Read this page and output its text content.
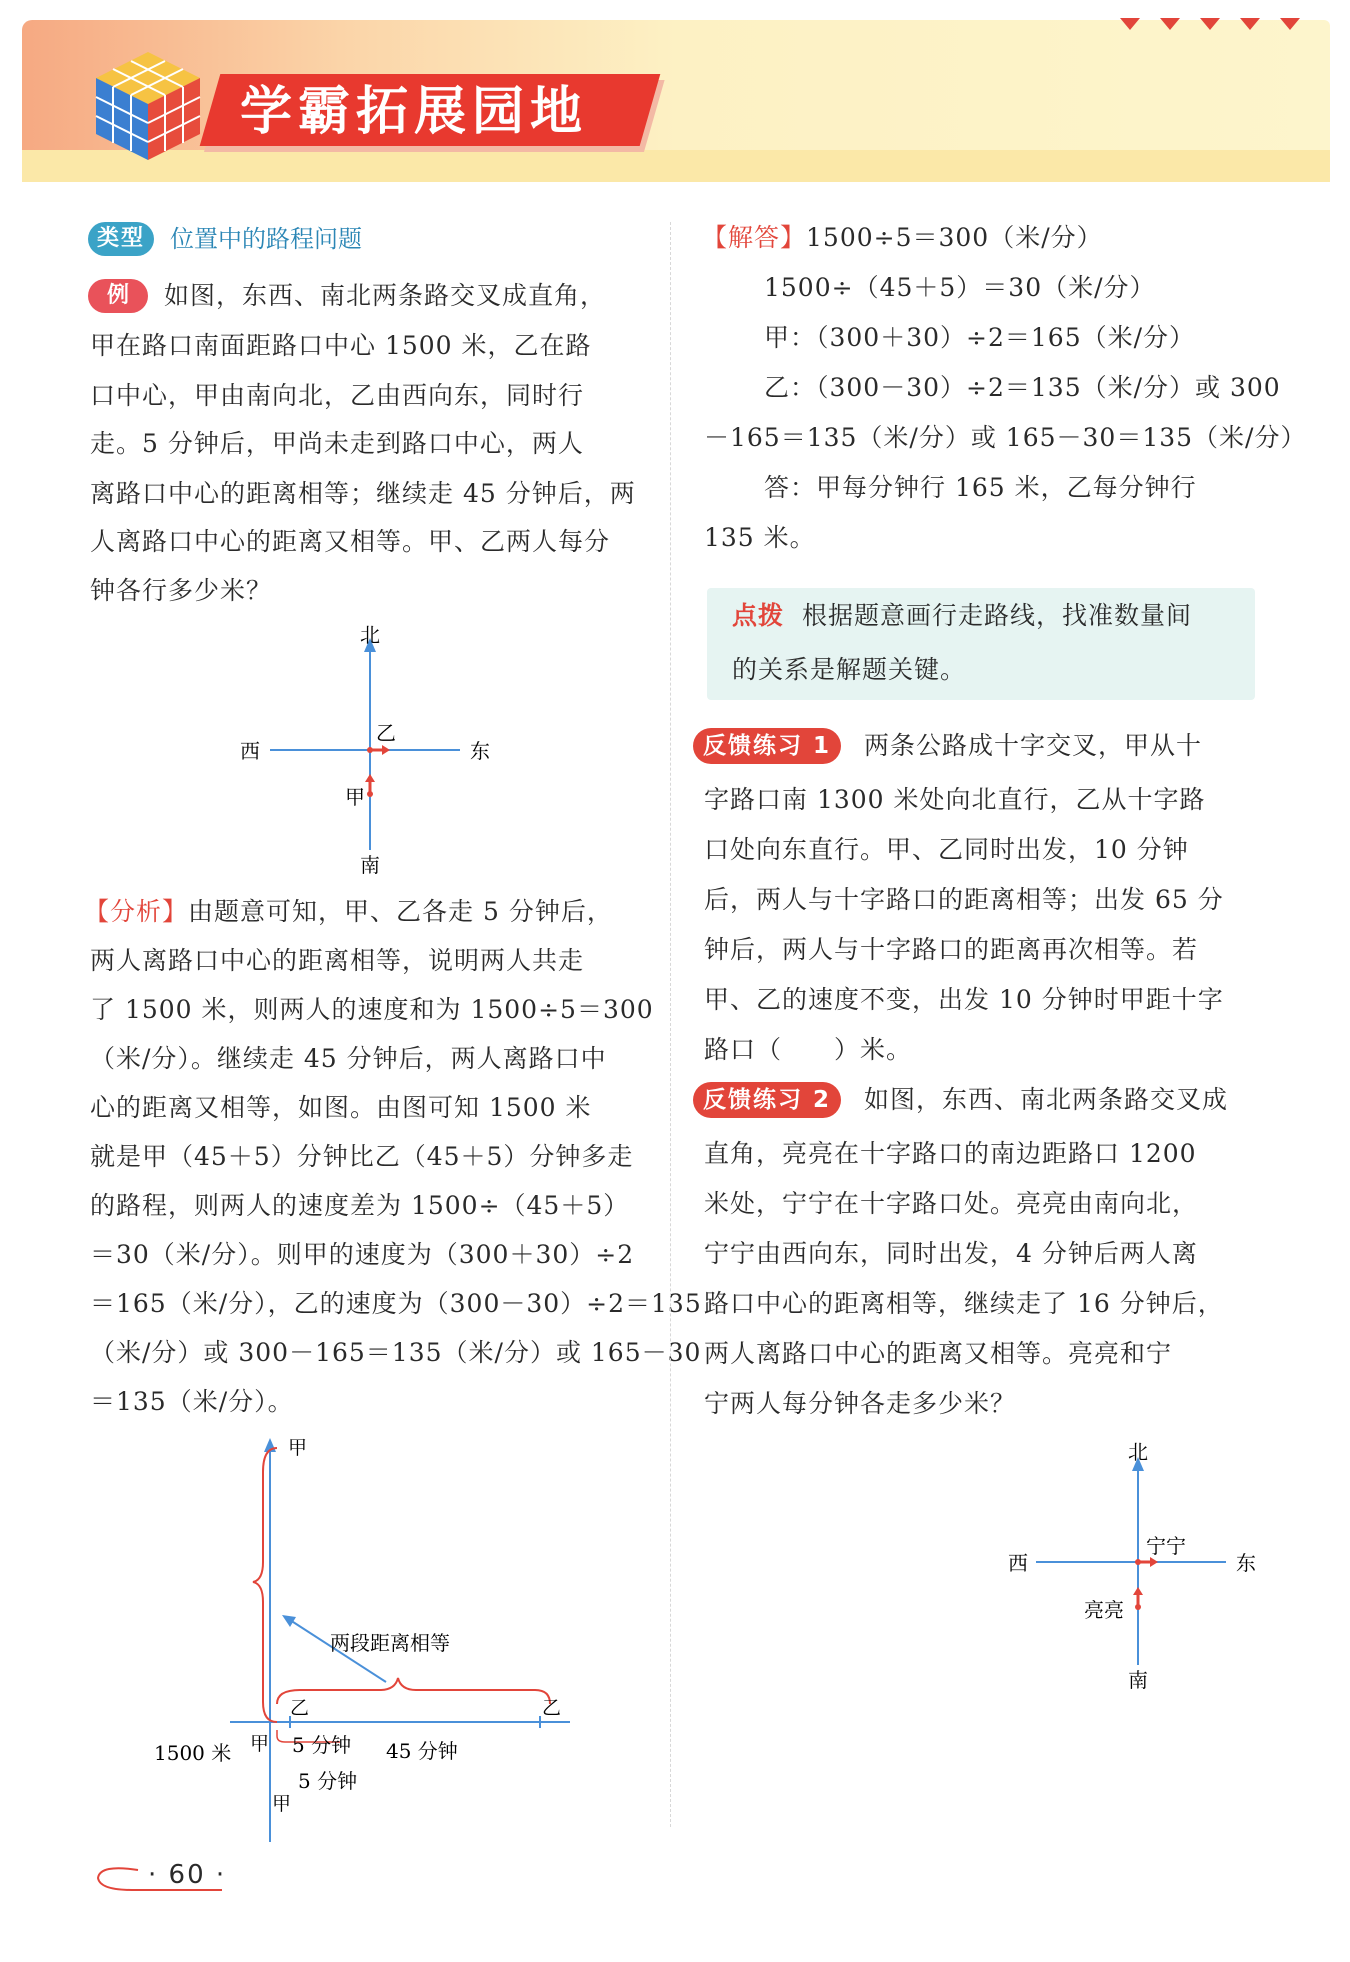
学霸拓展园地
类型	位置中的路程问题
例	如图，东西、南北两条路交叉成直角，
甲在路口南面距路口中心 1500 米，乙在路
口中心，甲由南向北，乙由西向东，同时行
走。5 分钟后，甲尚未走到路口中心，两人
离路口中心的距离相等；继续走 45 分钟后，两
人离路口中心的距离又相等。甲、乙两人每分
钟各行多少米？
北
南
西	东
乙
甲
【分析】由题意可知，甲、乙各走 5 分钟后，
两人离路口中心的距离相等，说明两人共走
了 1500 米，则两人的速度和为 1500÷5＝300
（米/分）。继续走 45 分钟后，两人离路口中
心的距离又相等，如图。由图可知 1500 米
就是甲（45＋5）分钟比乙（45＋5）分钟多走
的路程，则两人的速度差为 1500÷（45＋5）
＝30（米/分）。则甲的速度为（300＋30）÷2
＝165（米/分），乙的速度为（300－30）÷2＝135
（米/分）或 300－165＝135（米/分）或 165－30
＝135（米/分）。
甲
乙	乙
两段距离相等
1500 米 甲 5 分钟 45 分钟
5 分钟
甲
· 60 ·
【解答】1500÷5＝300（米/分）
1500÷（45＋5）＝30（米/分）
甲：（300＋30）÷2＝165（米/分）
乙：（300－30）÷2＝135（米/分）或 300
－165＝135（米/分）或 165－30＝135（米/分）
答：甲每分钟行 165 米，乙每分钟行
135 米。
点拨 根据题意画行走路线，找准数量间
的关系是解题关键。
反馈练习 1	两条公路成十字交叉，甲从十
字路口南 1300 米处向北直行，乙从十字路
口处向东直行。甲、乙同时出发，10 分钟
后，两人与十字路口的距离相等；出发 65 分
钟后，两人与十字路口的距离再次相等。若
甲、乙的速度不变，出发 10 分钟时甲距十字
路口（　　）米。
反馈练习 2	如图，东西、南北两条路交叉成
直角，亮亮在十字路口的南边距路口 1200
米处，宁宁在十字路口处。亮亮由南向北，
宁宁由西向东，同时出发，4 分钟后两人离
路口中心的距离相等，继续走了 16 分钟后，
两人离路口中心的距离又相等。亮亮和宁
宁两人每分钟各走多少米？
北
南
西	东
宁宁
亮亮
